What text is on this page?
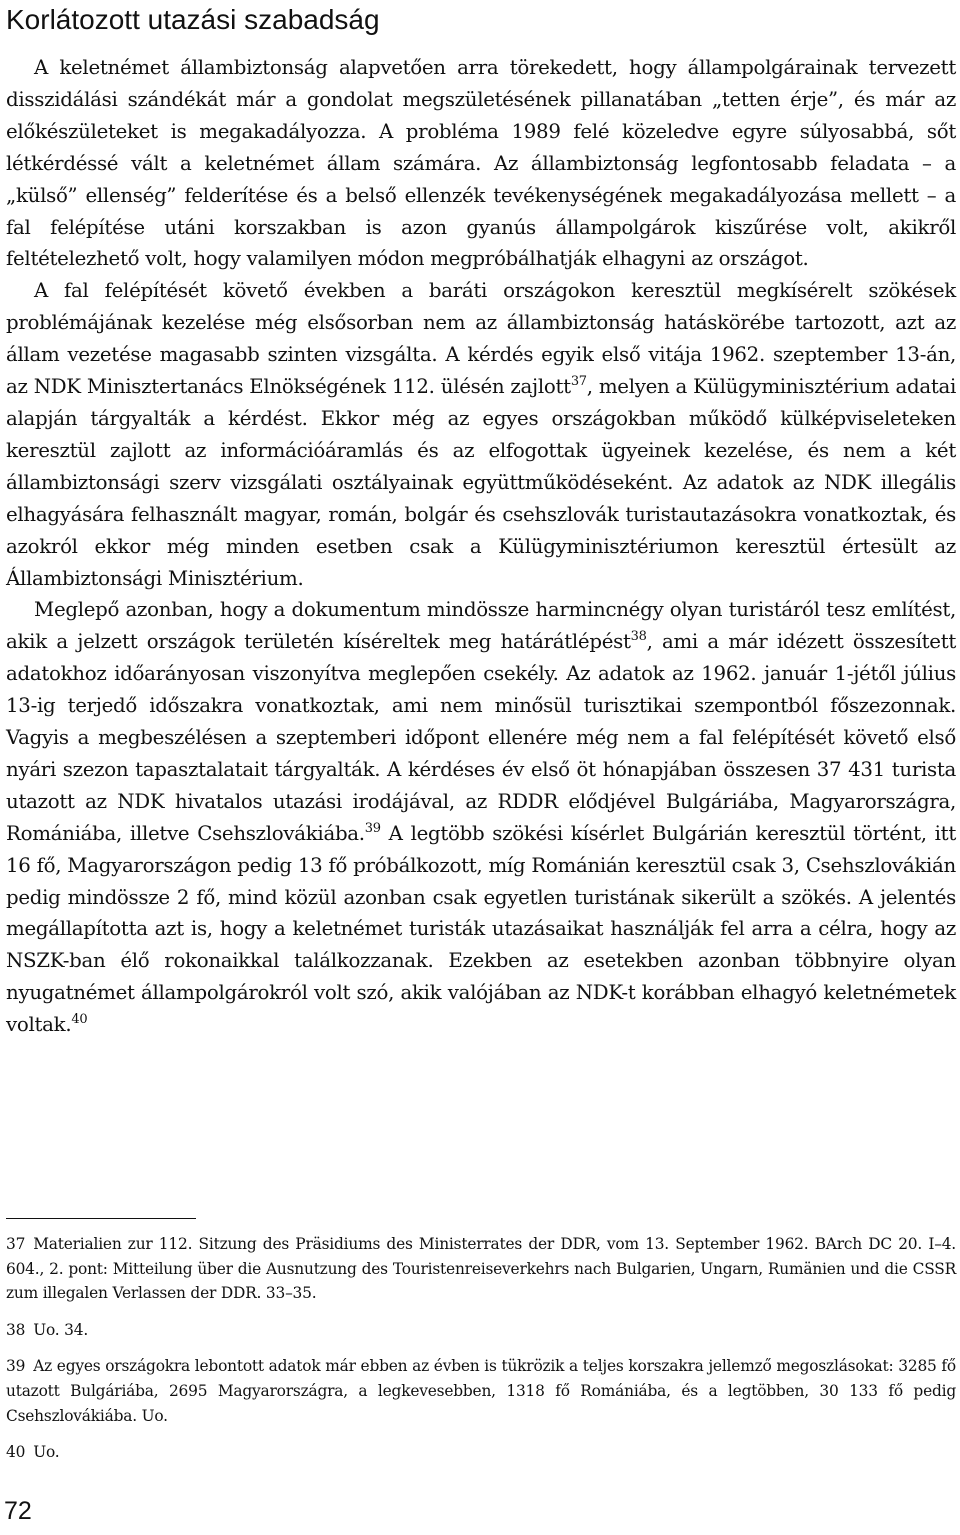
Korlátozott utazási szabadság

A keletnémet állambiztonság alapvetően arra törekedett, hogy állampolgárainak tervezett disszidálási szándékát már a gondolat megszületésének pillanatában „tetten érje”, és már az előkészületeket is megakadályozza. A probléma 1989 felé közeledve egyre súlyosabbá, sőt létkérdéssé vált a keletnémet állam számára. Az állambiztonság legfontosabb feladata – a „külső” ellenség” felderítése és a belső ellenzék tevékenységének megakadályozása mellett – a fal felépítése utáni korszakban is azon gyanús állampolgárok kiszűrése volt, akikről feltételezhető volt, hogy valamilyen módon megpróbálhatják elhagyni az országot.

A fal felépítését követő években a baráti országokon keresztül megkísérelt szökések problémájának kezelése még elsősorban nem az állambiztonság hatáskörébe tartozott, azt az állam vezetése magasabb szinten vizsgálta. A kérdés egyik első vitája 1962. szeptember 13-án, az NDK Minisztertanács Elnökségének 112. ülésén zajlott$^{37}$, melyen a Külügyminisztérium adatai alapján tárgyalták a kérdést. Ekkor még az egyes országokban működő külképviseleteken keresztül zajlott az információáramlás és az elfogottak ügyeinek kezelése, és nem a két állambiztonsági szerv vizsgálati osztályainak együttműködéseként. Az adatok az NDK illegális elhagyására felhasznált magyar, román, bolgár és csehszlovák turistautazásokra vonatkoztak, és azokról ekkor még minden esetben csak a Külügyminisztériumon keresztül értesült az Állambiztonsági Minisztérium.

Meglepő azonban, hogy a dokumentum mindössze harmincnégy olyan turistáról tesz említést, akik a jelzett országok területén kíséreltek meg határátlépést$^{38}$, ami a már idézett összesített adatokhoz időarányosan viszonyítva meglepően csekély. Az adatok az 1962. január 1-jétől július 13-ig terjedő időszakra vonatkoztak, ami nem minősül turisztikai szempontból főszezonnak. Vagyis a megbeszélésen a szeptemberi időpont ellenére még nem a fal felépítését követő első nyári szezon tapasztalatait tárgyalták. A kérdéses év első öt hónapjában összesen 37 431 turista utazott az NDK hivatalos utazási irodájával, az RDDR elődjével Bulgáriába, Magyarországra, Romániába, illetve Csehszlovákiába.$^{39}$ A legtöbb szökési kísérlet Bulgárián keresztül történt, itt 16 fő, Magyarországon pedig 13 fő próbálkozott, míg Románián keresztül csak 3, Csehszlovákián pedig mindössze 2 fő, mind közül azonban csak egyetlen turistának sikerült a szökés. A jelentés megállapította azt is, hogy a keletnémet turisták utazásaikat használják fel arra a célra, hogy az NSZK-ban élő rokonaikkal találkozzanak. Ezekben az esetekben azonban többnyire olyan nyugatnémet állampolgárokról volt szó, akik valójában az NDK-t korábban elhagyó keletnémetek voltak.$^{40}$

37 Materialien zur 112. Sitzung des Präsidiums des Ministerrates der DDR, vom 13. September 1962. BArch DC 20. I–4. 604., 2. pont: Mitteilung über die Ausnutzung des Touristenreiseverkehrs nach Bulgarien, Ungarn, Rumänien und die CSSR zum illegalen Verlassen der DDR. 33–35.

38 Uo. 34.

39 Az egyes országokra lebontott adatok már ebben az évben is tükrözik a teljes korszakra jellemző megoszlásokat: 3285 fő utazott Bulgáriába, 2695 Magyarországra, a legkevesebben, 1318 fő Romániába, és a legtöbben, 30 133 fő pedig Csehszlovákiába. Uo.

40 Uo.

72
